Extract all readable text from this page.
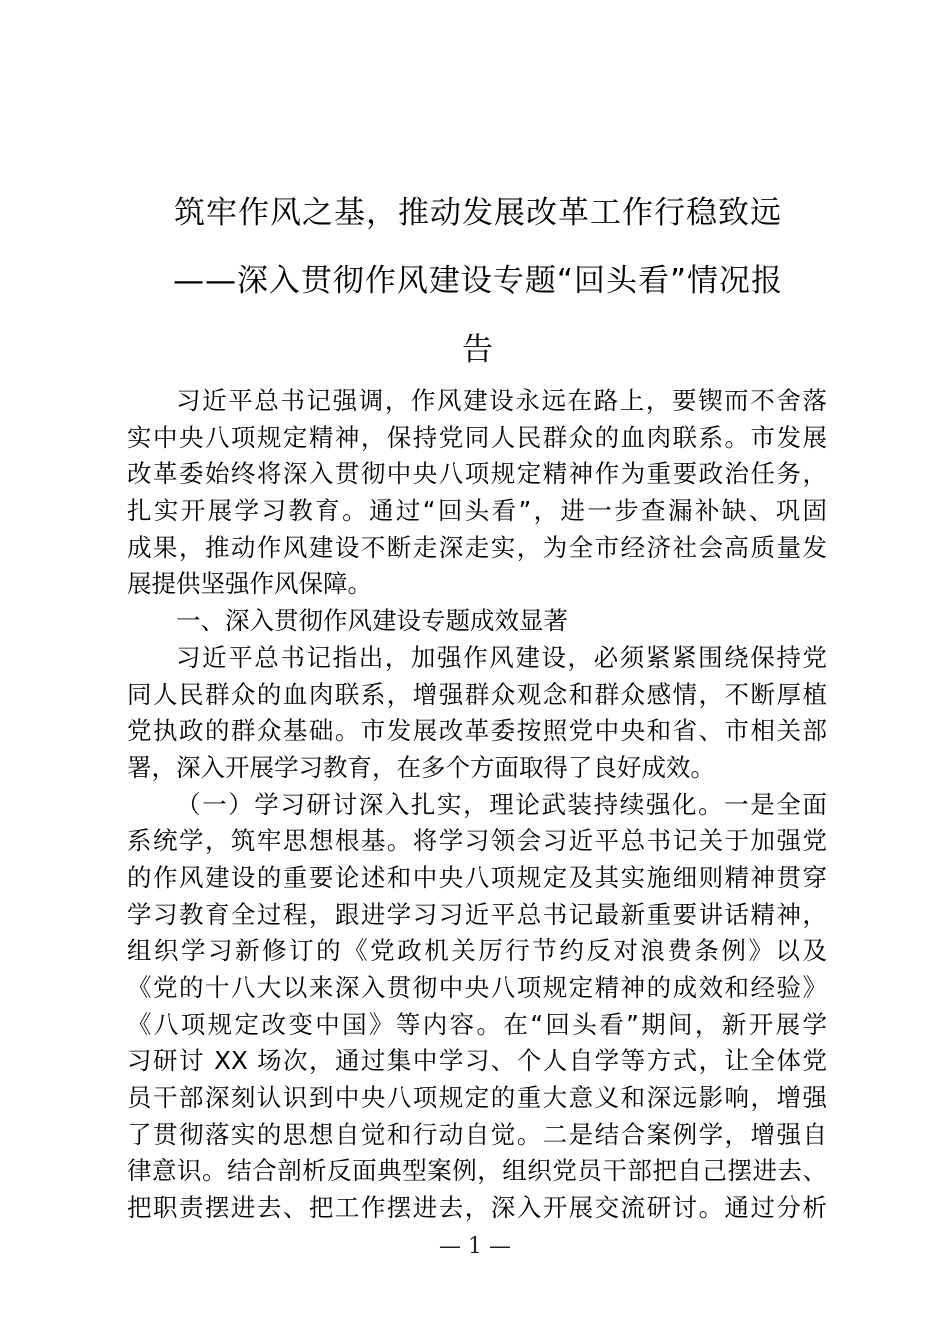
筑牢作风之基，推动发展改革工作行稳致远
——深入贯彻作风建设专题“回头看”情况报
告
习近平总书记强调，作风建设永远在路上，要锲而不舍落
实中央八项规定精神，保持党同人民群众的血肉联系。市发展
改革委始终将深入贯彻中央八项规定精神作为重要政治任务，
扎实开展学习教育。通过“回头看”，进一步查漏补缺、巩固
成果，推动作风建设不断走深走实，为全市经济社会高质量发
展提供坚强作风保障。
一、深入贯彻作风建设专题成效显著
习近平总书记指出，加强作风建设，必须紧紧围绕保持党
同人民群众的血肉联系，增强群众观念和群众感情，不断厚植
党执政的群众基础。市发展改革委按照党中央和省、市相关部
署，深入开展学习教育，在多个方面取得了良好成效。
（一）学习研讨深入扎实，理论武装持续强化。一是全面
系统学，筑牢思想根基。将学习领会习近平总书记关于加强党
的作风建设的重要论述和中央八项规定及其实施细则精神贯穿
学习教育全过程，跟进学习习近平总书记最新重要讲话精神，
组织学习新修订的《党政机关厉行节约反对浪费条例》以及
《党的十八大以来深入贯彻中央八项规定精神的成效和经验》
《八项规定改变中国》等内容。在“回头看”期间，新开展学
习研讨 XX 场次，通过集中学习、个人自学等方式，让全体党
员干部深刻认识到中央八项规定的重大意义和深远影响，增强
了贯彻落实的思想自觉和行动自觉。二是结合案例学，增强自
律意识。结合剖析反面典型案例，组织党员干部把自己摆进去、
把职责摆进去、把工作摆进去，深入开展交流研讨。通过分析
— 1 —
